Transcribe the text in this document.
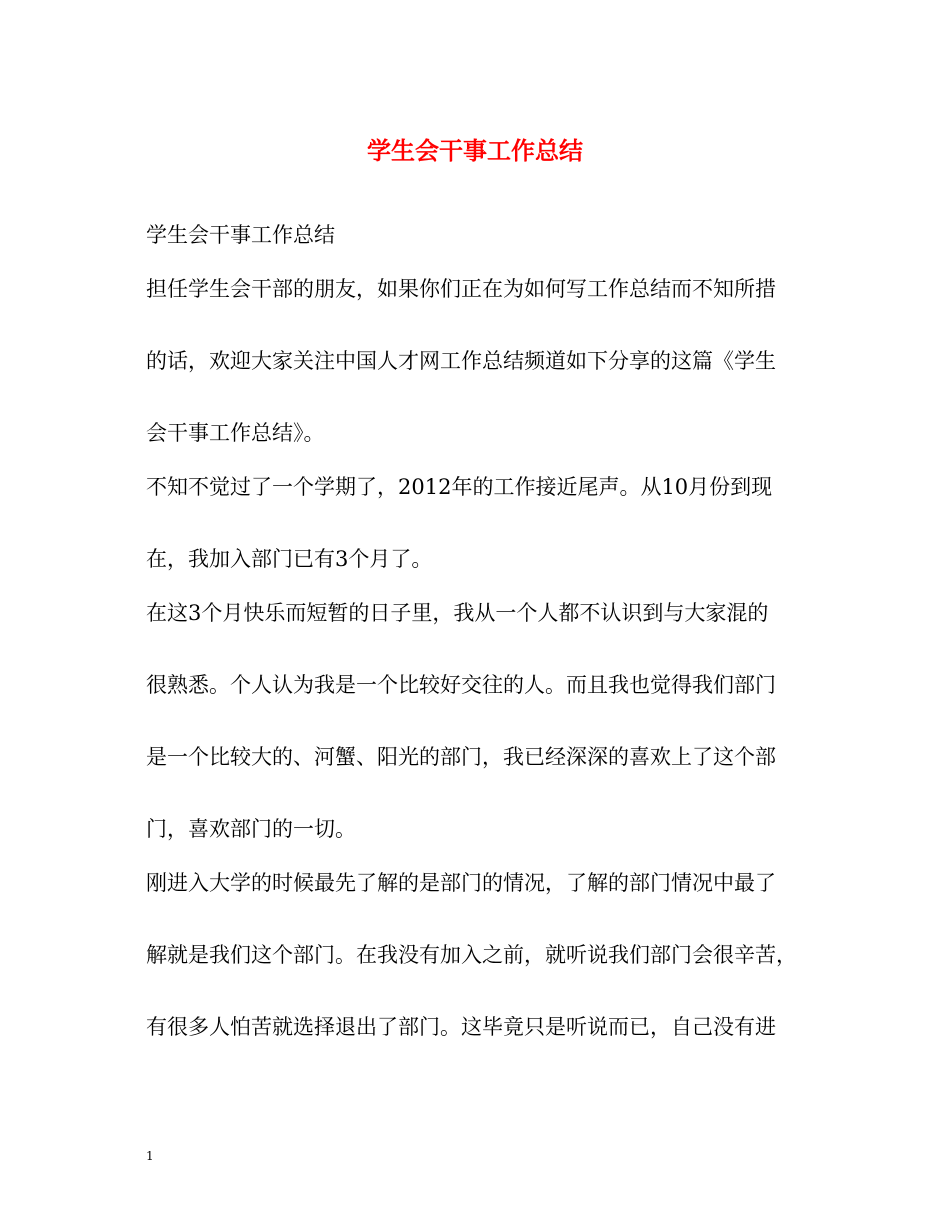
学生会干事工作总结
学生会干事工作总结
担任学生会干部的朋友，如果你们正在为如何写工作总结而不知所措
的话，欢迎大家关注中国人才网工作总结频道如下分享的这篇《学生
会干事工作总结》。
不知不觉过了一个学期了，2012年的工作接近尾声。从10月份到现
在，我加入部门已有3个月了。
在这3个月快乐而短暂的日子里，我从一个人都不认识到与大家混的
很熟悉。个人认为我是一个比较好交往的人。而且我也觉得我们部门
是一个比较大的、河蟹、阳光的部门，我已经深深的喜欢上了这个部
门，喜欢部门的一切。
刚进入大学的时候最先了解的是部门的情况，了解的部门情况中最了
解就是我们这个部门。在我没有加入之前，就听说我们部门会很辛苦，
有很多人怕苦就选择退出了部门。这毕竟只是听说而已，自己没有进
1
